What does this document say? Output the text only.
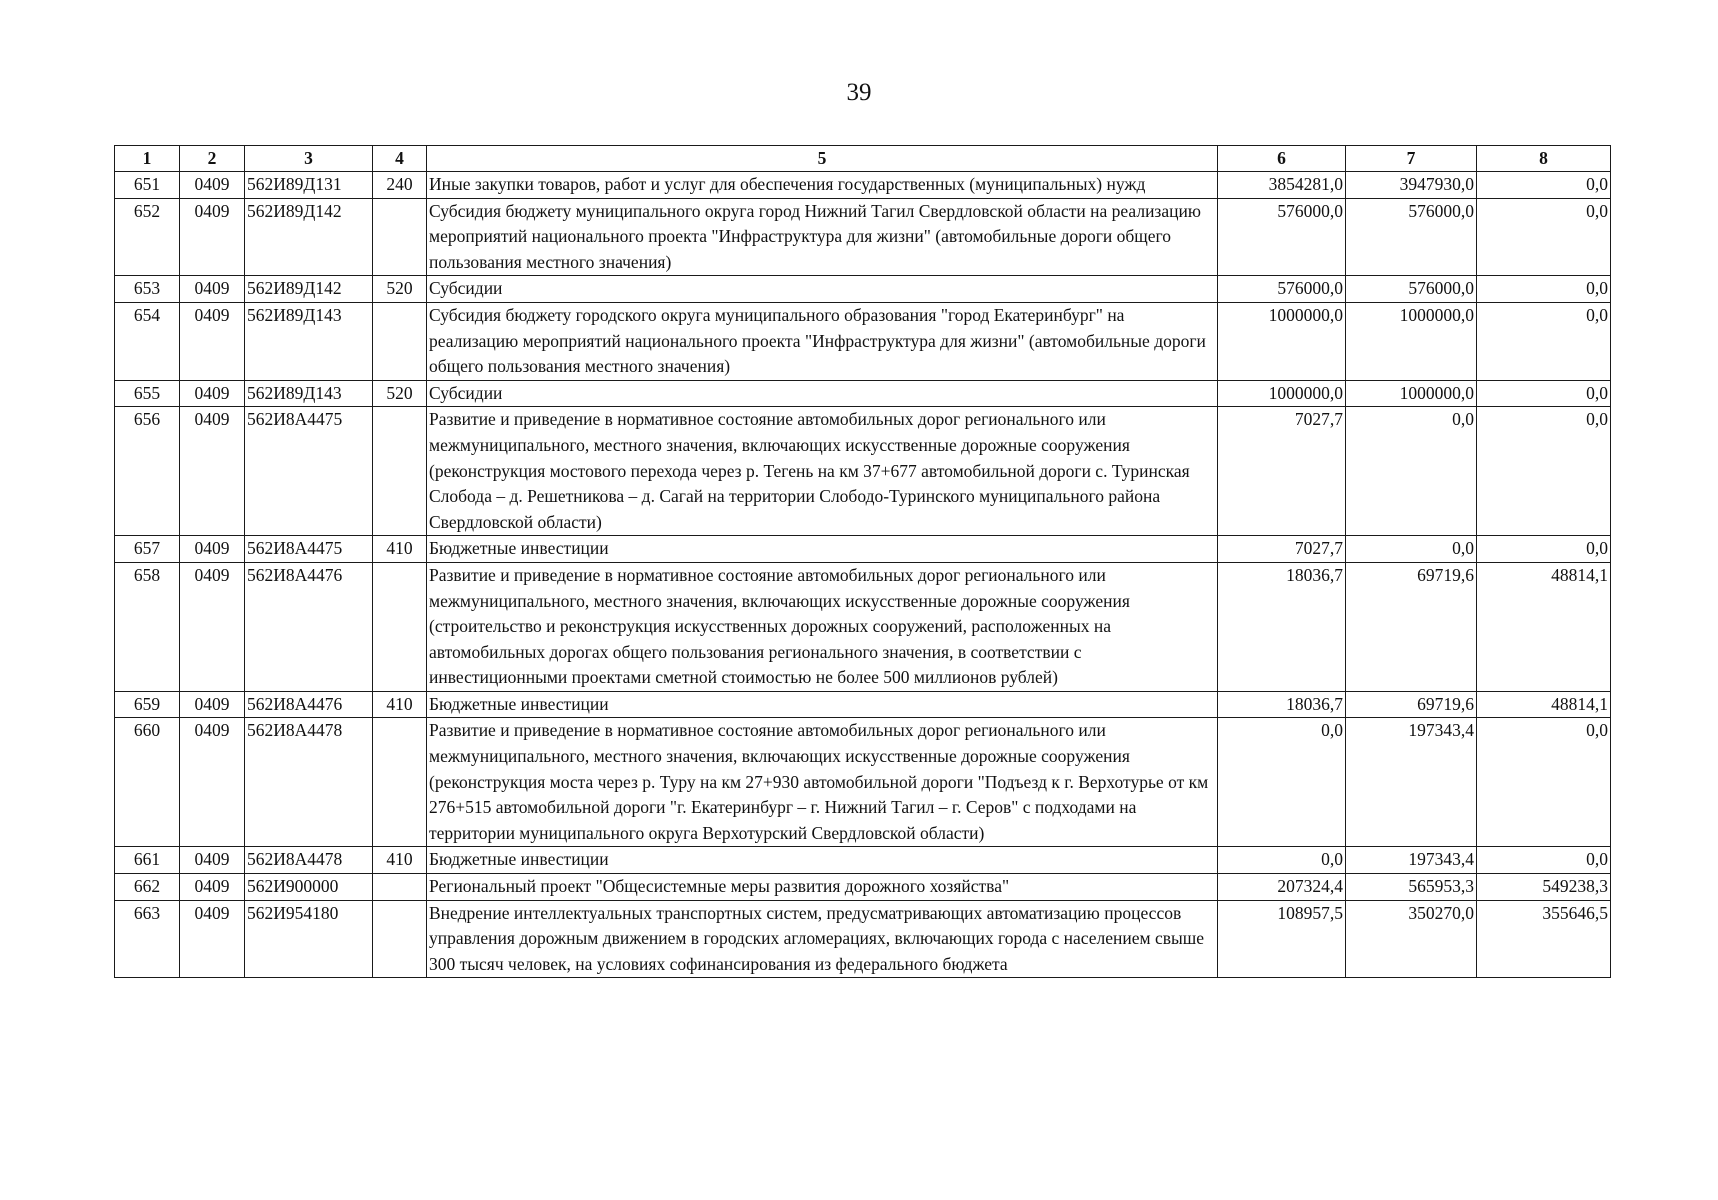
39
1	2	3	4	5	6	7	8
651	0409	562И89Д131	240	Иные закупки товаров, работ и услуг для обеспечения государственных (муниципальных) нужд	3854281,0	3947930,0	0,0
652	0409	562И89Д142		Субсидия бюджету муниципального округа город Нижний Тагил Свердловской области на реализацию мероприятий национального проекта "Инфраструктура для жизни" (автомобильные дороги общего пользования местного значения)	576000,0	576000,0	0,0
653	0409	562И89Д142	520	Субсидии	576000,0	576000,0	0,0
654	0409	562И89Д143		Субсидия бюджету городского округа муниципального образования "город Екатеринбург" на реализацию мероприятий национального проекта "Инфраструктура для жизни" (автомобильные дороги общего пользования местного значения)	1000000,0	1000000,0	0,0
655	0409	562И89Д143	520	Субсидии	1000000,0	1000000,0	0,0
656	0409	562И8А4475		Развитие и приведение в нормативное состояние автомобильных дорог регионального или межмуниципального, местного значения, включающих искусственные дорожные сооружения (реконструкция мостового перехода через р. Тегень на км 37+677 автомобильной дороги с. Туринская Слобода – д. Решетникова – д. Сагай на территории Слободо-Туринского муниципального района Свердловской области)	7027,7	0,0	0,0
657	0409	562И8А4475	410	Бюджетные инвестиции	7027,7	0,0	0,0
658	0409	562И8А4476		Развитие и приведение в нормативное состояние автомобильных дорог регионального или межмуниципального, местного значения, включающих искусственные дорожные сооружения (строительство и реконструкция искусственных дорожных сооружений, расположенных на автомобильных дорогах общего пользования регионального значения, в соответствии с инвестиционными проектами сметной стоимостью не более 500 миллионов рублей)	18036,7	69719,6	48814,1
659	0409	562И8А4476	410	Бюджетные инвестиции	18036,7	69719,6	48814,1
660	0409	562И8А4478		Развитие и приведение в нормативное состояние автомобильных дорог регионального или межмуниципального, местного значения, включающих искусственные дорожные сооружения (реконструкция моста через р. Туру на км 27+930 автомобильной дороги "Подъезд к г. Верхотурье от км 276+515 автомобильной дороги "г. Екатеринбург – г. Нижний Тагил – г. Серов" с подходами на территории муниципального округа Верхотурский Свердловской области)	0,0	197343,4	0,0
661	0409	562И8А4478	410	Бюджетные инвестиции	0,0	197343,4	0,0
662	0409	562И900000		Региональный проект "Общесистемные меры развития дорожного хозяйства"	207324,4	565953,3	549238,3
663	0409	562И954180		Внедрение интеллектуальных транспортных систем, предусматривающих автоматизацию процессов управления дорожным движением в городских агломерациях, включающих города с населением свыше 300 тысяч человек, на условиях софинансирования из федерального бюджета	108957,5	350270,0	355646,5
